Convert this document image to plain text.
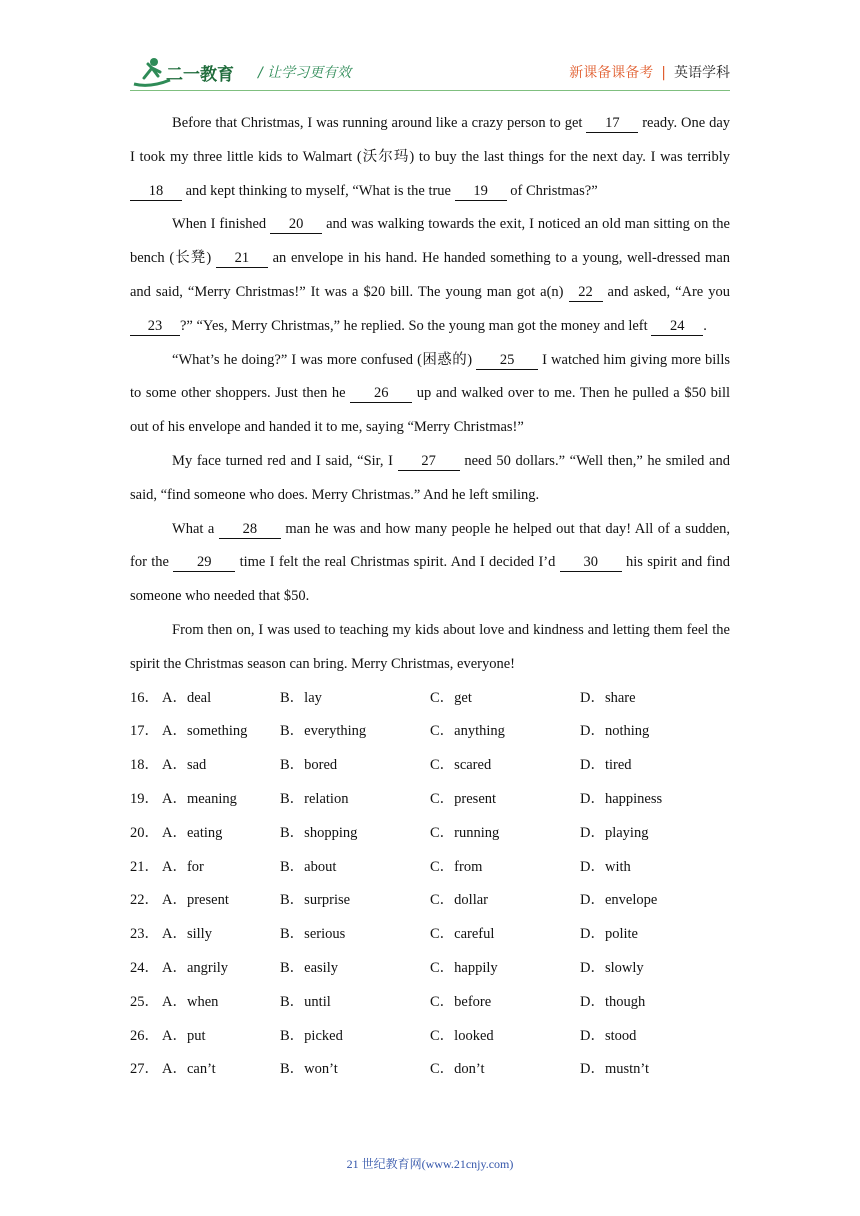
二一教育 / 让学习更有效	新课备课备考 | 英语学科

Before that Christmas, I was running around like a crazy person to get 17 ready. One day I took my three little kids to Walmart (沃尔玛) to buy the last things for the next day. I was terribly 18 and kept thinking to myself, “What is the true 19 of Christmas?”

When I finished 20 and was walking towards the exit, I noticed an old man sitting on the bench (长凳) 21 an envelope in his hand. He handed something to a young, well-dressed man and said, “Merry Christmas!” It was a $20 bill. The young man got a(n) 22 and asked, “Are you 23 ?” “Yes, Merry Christmas,” he replied. So the young man got the money and left 24 .

“What’s he doing?” I was more confused (困惑的) 25 I watched him giving more bills to some other shoppers. Just then he 26 up and walked over to me. Then he pulled a $50 bill out of his envelope and handed it to me, saying “Merry Christmas!”

My face turned red and I said, “Sir, I 27 need 50 dollars.” “Well then,” he smiled and said, “find someone who does. Merry Christmas.” And he left smiling.

What a 28 man he was and how many people he helped out that day! All of a sudden, for the 29 time I felt the real Christmas spirit. And I decided I’d 30 his spirit and find someone who needed that $50.

From then on, I was used to teaching my kids about love and kindness and letting them feel the spirit the Christmas season can bring. Merry Christmas, everyone!

16． A．deal	B．lay	C．get	D．share
17． A．something	B．everything	C．anything	D．nothing
18． A．sad	B．bored	C．scared	D．tired
19． A．meaning	B．relation	C．present	D．happiness
20． A．eating	B．shopping	C．running	D．playing
21． A．for	B．about	C．from	D．with
22． A．present	B．surprise	C．dollar	D．envelope
23． A．silly	B．serious	C．careful	D．polite
24． A．angrily	B．easily	C．happily	D．slowly
25． A．when	B．until	C．before	D．though
26． A．put	B．picked	C．looked	D．stood
27． A．can’t	B．won’t	C．don’t	D．mustn’t
21 世纪教育网(www.21cnjy.com)
